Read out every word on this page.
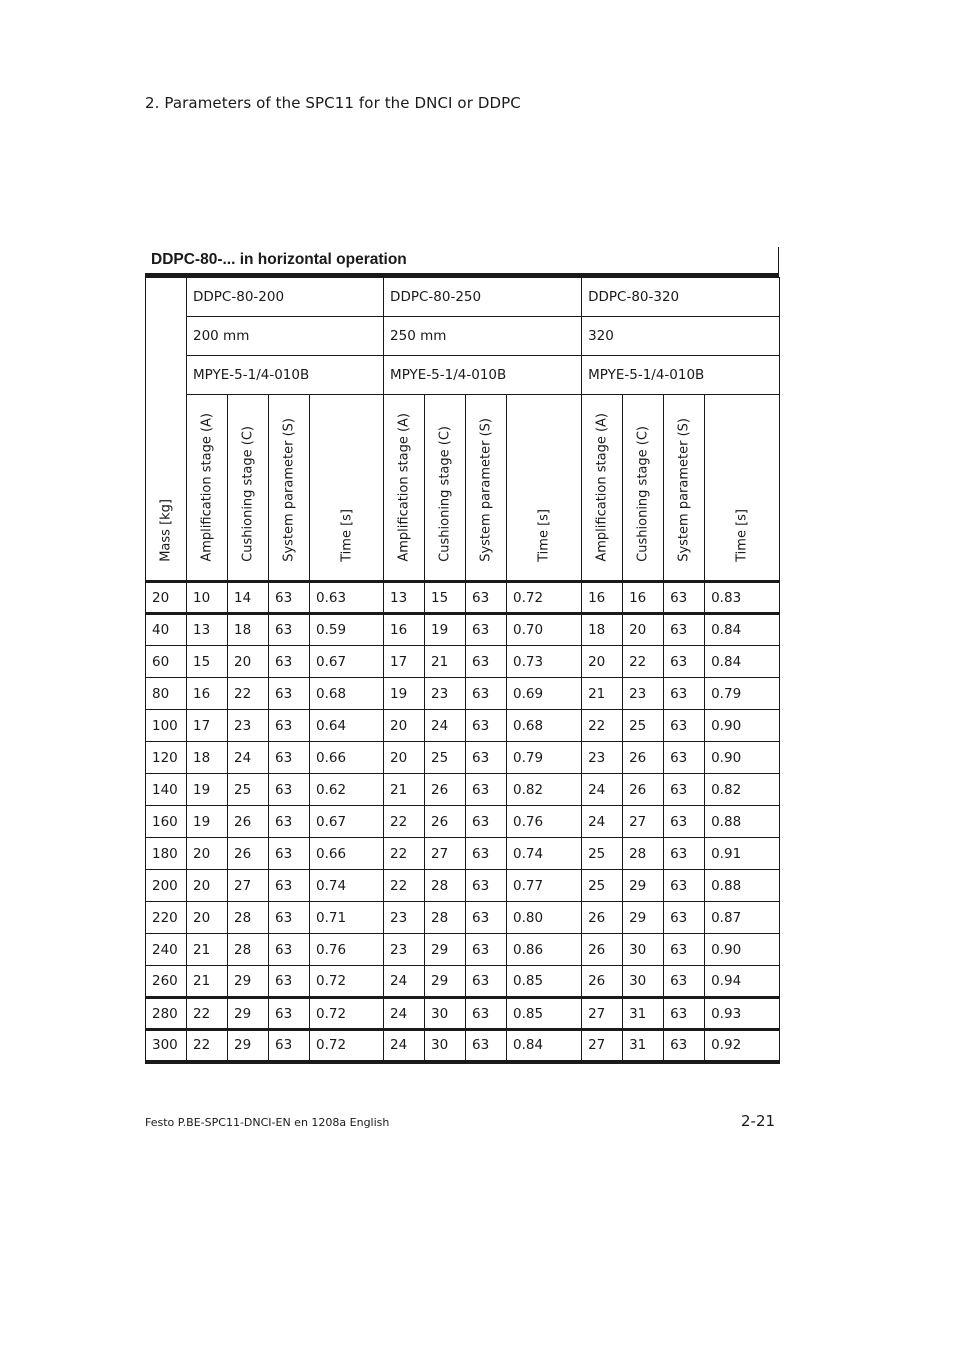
2. Parameters of the SPC11 for the DNCI or DDPC
DDPC-80-... in horizontal operation
Mass [kg]	DDPC-80-200				DDPC-80-250				DDPC-80-320			
	200 mm				250 mm				320			
	MPYE-5-1/4-010B				MPYE-5-1/4-010B				MPYE-5-1/4-010B			

	Amplification stage (A)	Cushioning stage (C)	System parameter (S)	Time [s]	Amplification stage (A)	Cushioning stage (C)	System parameter (S)	Time [s]	Amplification stage (A)	Cushioning stage (C)	System parameter (S)	Time [s]

20	10	14	63	0.63	13	15	63	0.72	16	16	63	0.83
40	13	18	63	0.59	16	19	63	0.70	18	20	63	0.84
60	15	20	63	0.67	17	21	63	0.73	20	22	63	0.84
80	16	22	63	0.68	19	23	63	0.69	21	23	63	0.79
100	17	23	63	0.64	20	24	63	0.68	22	25	63	0.90
120	18	24	63	0.66	20	25	63	0.79	23	26	63	0.90
140	19	25	63	0.62	21	26	63	0.82	24	26	63	0.82
160	19	26	63	0.67	22	26	63	0.76	24	27	63	0.88
180	20	26	63	0.66	22	27	63	0.74	25	28	63	0.91
200	20	27	63	0.74	22	28	63	0.77	25	29	63	0.88
220	20	28	63	0.71	23	28	63	0.80	26	29	63	0.87
240	21	28	63	0.76	23	29	63	0.86	26	30	63	0.90
260	21	29	63	0.72	24	29	63	0.85	26	30	63	0.94
280	22	29	63	0.72	24	30	63	0.85	27	31	63	0.93
300	22	29	63	0.72	24	30	63	0.84	27	31	63	0.92
Festo P.BE-SPC11-DNCI-EN en 1208a English	2-21
